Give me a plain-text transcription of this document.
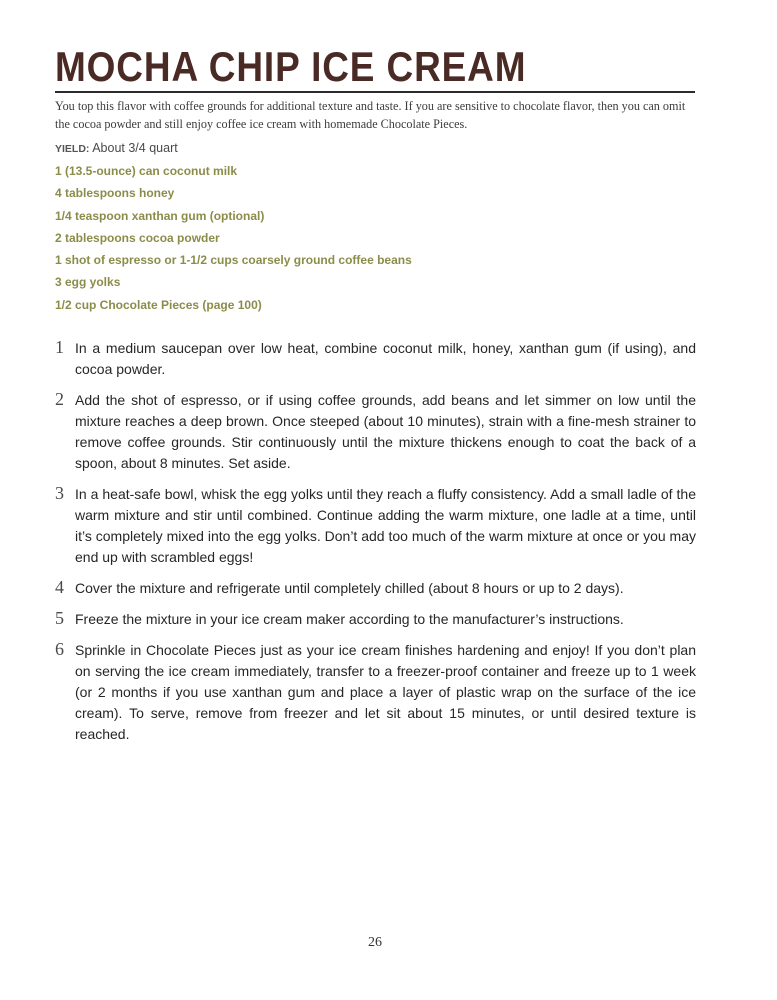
MOCHA CHIP ICE CREAM

You top this flavor with coffee grounds for additional texture and taste. If you are sensitive to chocolate flavor, then you can omit the cocoa powder and still enjoy coffee ice cream with homemade Chocolate Pieces.

YIELD: About 3/4 quart

1 (13.5-ounce) can coconut milk
4 tablespoons honey
1/4 teaspoon xanthan gum (optional)
2 tablespoons cocoa powder
1 shot of espresso or 1-1/2 cups coarsely ground coffee beans
3 egg yolks
1/2 cup Chocolate Pieces (page 100)
1 In a medium saucepan over low heat, combine coconut milk, honey, xanthan gum (if using), and cocoa powder.
2 Add the shot of espresso, or if using coffee grounds, add beans and let simmer on low until the mixture reaches a deep brown. Once steeped (about 10 minutes), strain with a fine-mesh strainer to remove coffee grounds. Stir continuously until the mixture thickens enough to coat the back of a spoon, about 8 minutes. Set aside.
3 In a heat-safe bowl, whisk the egg yolks until they reach a fluffy consistency. Add a small ladle of the warm mixture and stir until combined. Continue adding the warm mixture, one ladle at a time, until it’s completely mixed into the egg yolks. Don’t add too much of the warm mixture at once or you may end up with scrambled eggs!
4 Cover the mixture and refrigerate until completely chilled (about 8 hours or up to 2 days).
5 Freeze the mixture in your ice cream maker according to the manufacturer’s instructions.
6 Sprinkle in Chocolate Pieces just as your ice cream finishes hardening and enjoy! If you don’t plan on serving the ice cream immediately, transfer to a freezer-proof container and freeze up to 1 week (or 2 months if you use xanthan gum and place a layer of plastic wrap on the surface of the ice cream). To serve, remove from freezer and let sit about 15 minutes, or until desired texture is reached.
26
